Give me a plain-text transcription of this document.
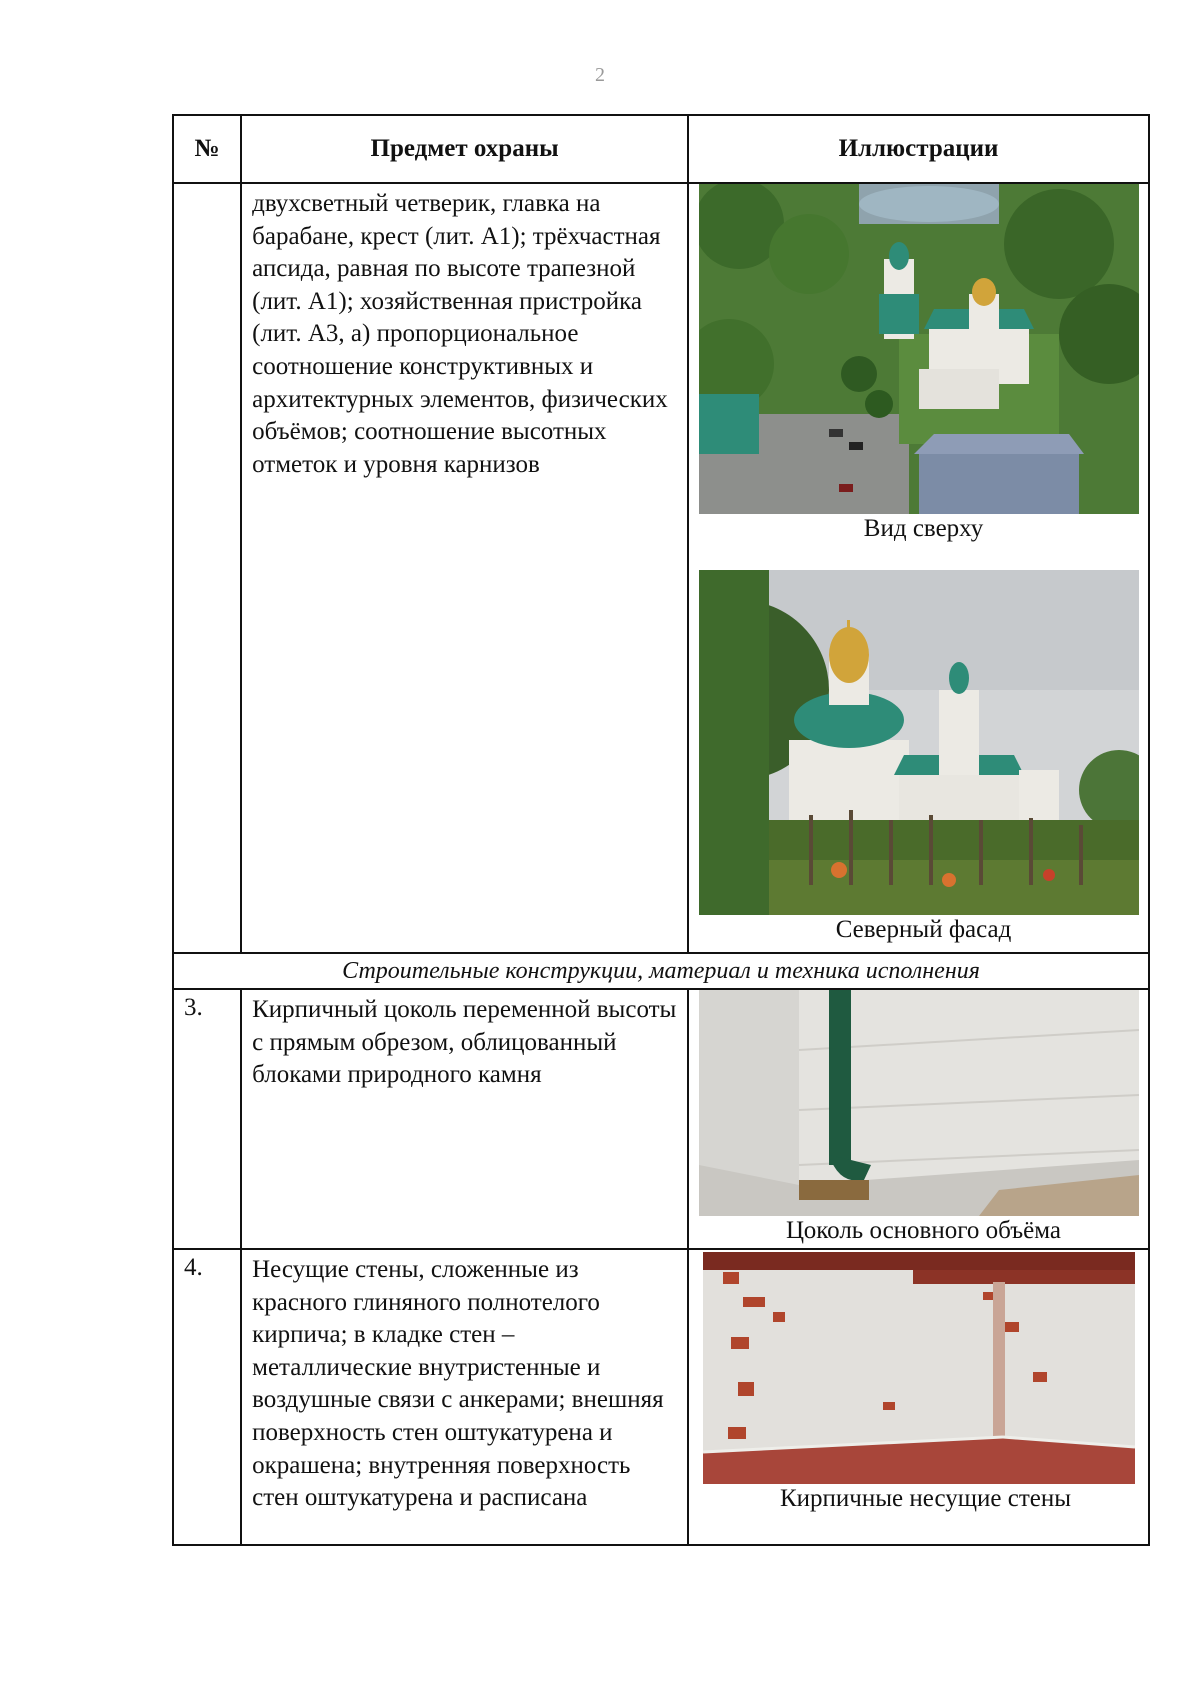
2
№	Предмет охраны	Иллюстрации
	двухсветный четверик, главка на барабане, крест (лит. А1); трёхчастная апсида, равная по высоте трапезной (лит. А1); хозяйственная пристройка (лит. А3, а) пропорциональное соотношение конструктивных и архитектурных элементов, физических объёмов; соотношение высотных отметок и уровня карнизов	Вид сверху
Северный фасад

Строительные конструкции, материал и техника исполнения		
3.	Кирпичный цоколь переменной высоты с прямым обрезом, облицованный блоками природного камня	Цоколь основного объёма

4.	Несущие стены, сложенные из красного глиняного полнотелого кирпича; в кладке стен – металлические внутристенные и воздушные связи с анкерами; внешняя поверхность стен оштукатурена и окрашена; внутренняя поверхность стен оштукатурена и расписана	Кирпичные несущие стены
